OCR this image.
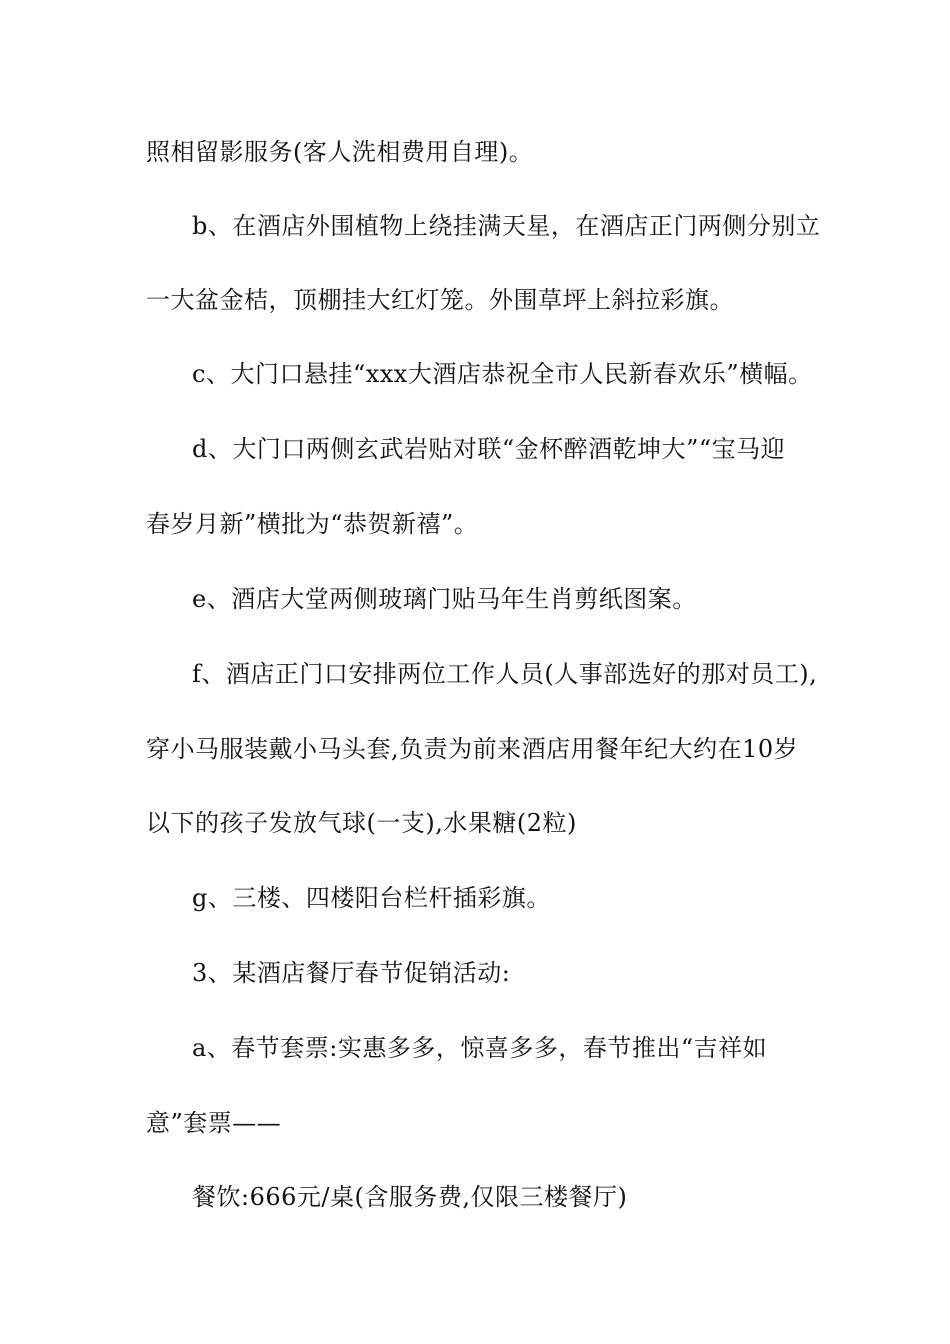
照相留影服务(客人洗相费用自理)。
b、在酒店外围植物上绕挂满天星，在酒店正门两侧分别立
一大盆金桔，顶棚挂大红灯笼。外围草坪上斜拉彩旗。
c、大门口悬挂“xxx大酒店恭祝全市人民新春欢乐”横幅。
d、大门口两侧玄武岩贴对联“金杯醉酒乾坤大”“宝马迎
春岁月新”横批为“恭贺新禧”。
e、酒店大堂两侧玻璃门贴马年生肖剪纸图案。
f、酒店正门口安排两位工作人员(人事部选好的那对员工),
穿小马服装戴小马头套,负责为前来酒店用餐年纪大约在10岁
以下的孩子发放气球(一支),水果糖(2粒)
g、三楼、四楼阳台栏杆插彩旗。
3、某酒店餐厅春节促销活动:
a、春节套票:实惠多多，惊喜多多，春节推出“吉祥如
意”套票——
餐饮:666元/桌(含服务费,仅限三楼餐厅)
